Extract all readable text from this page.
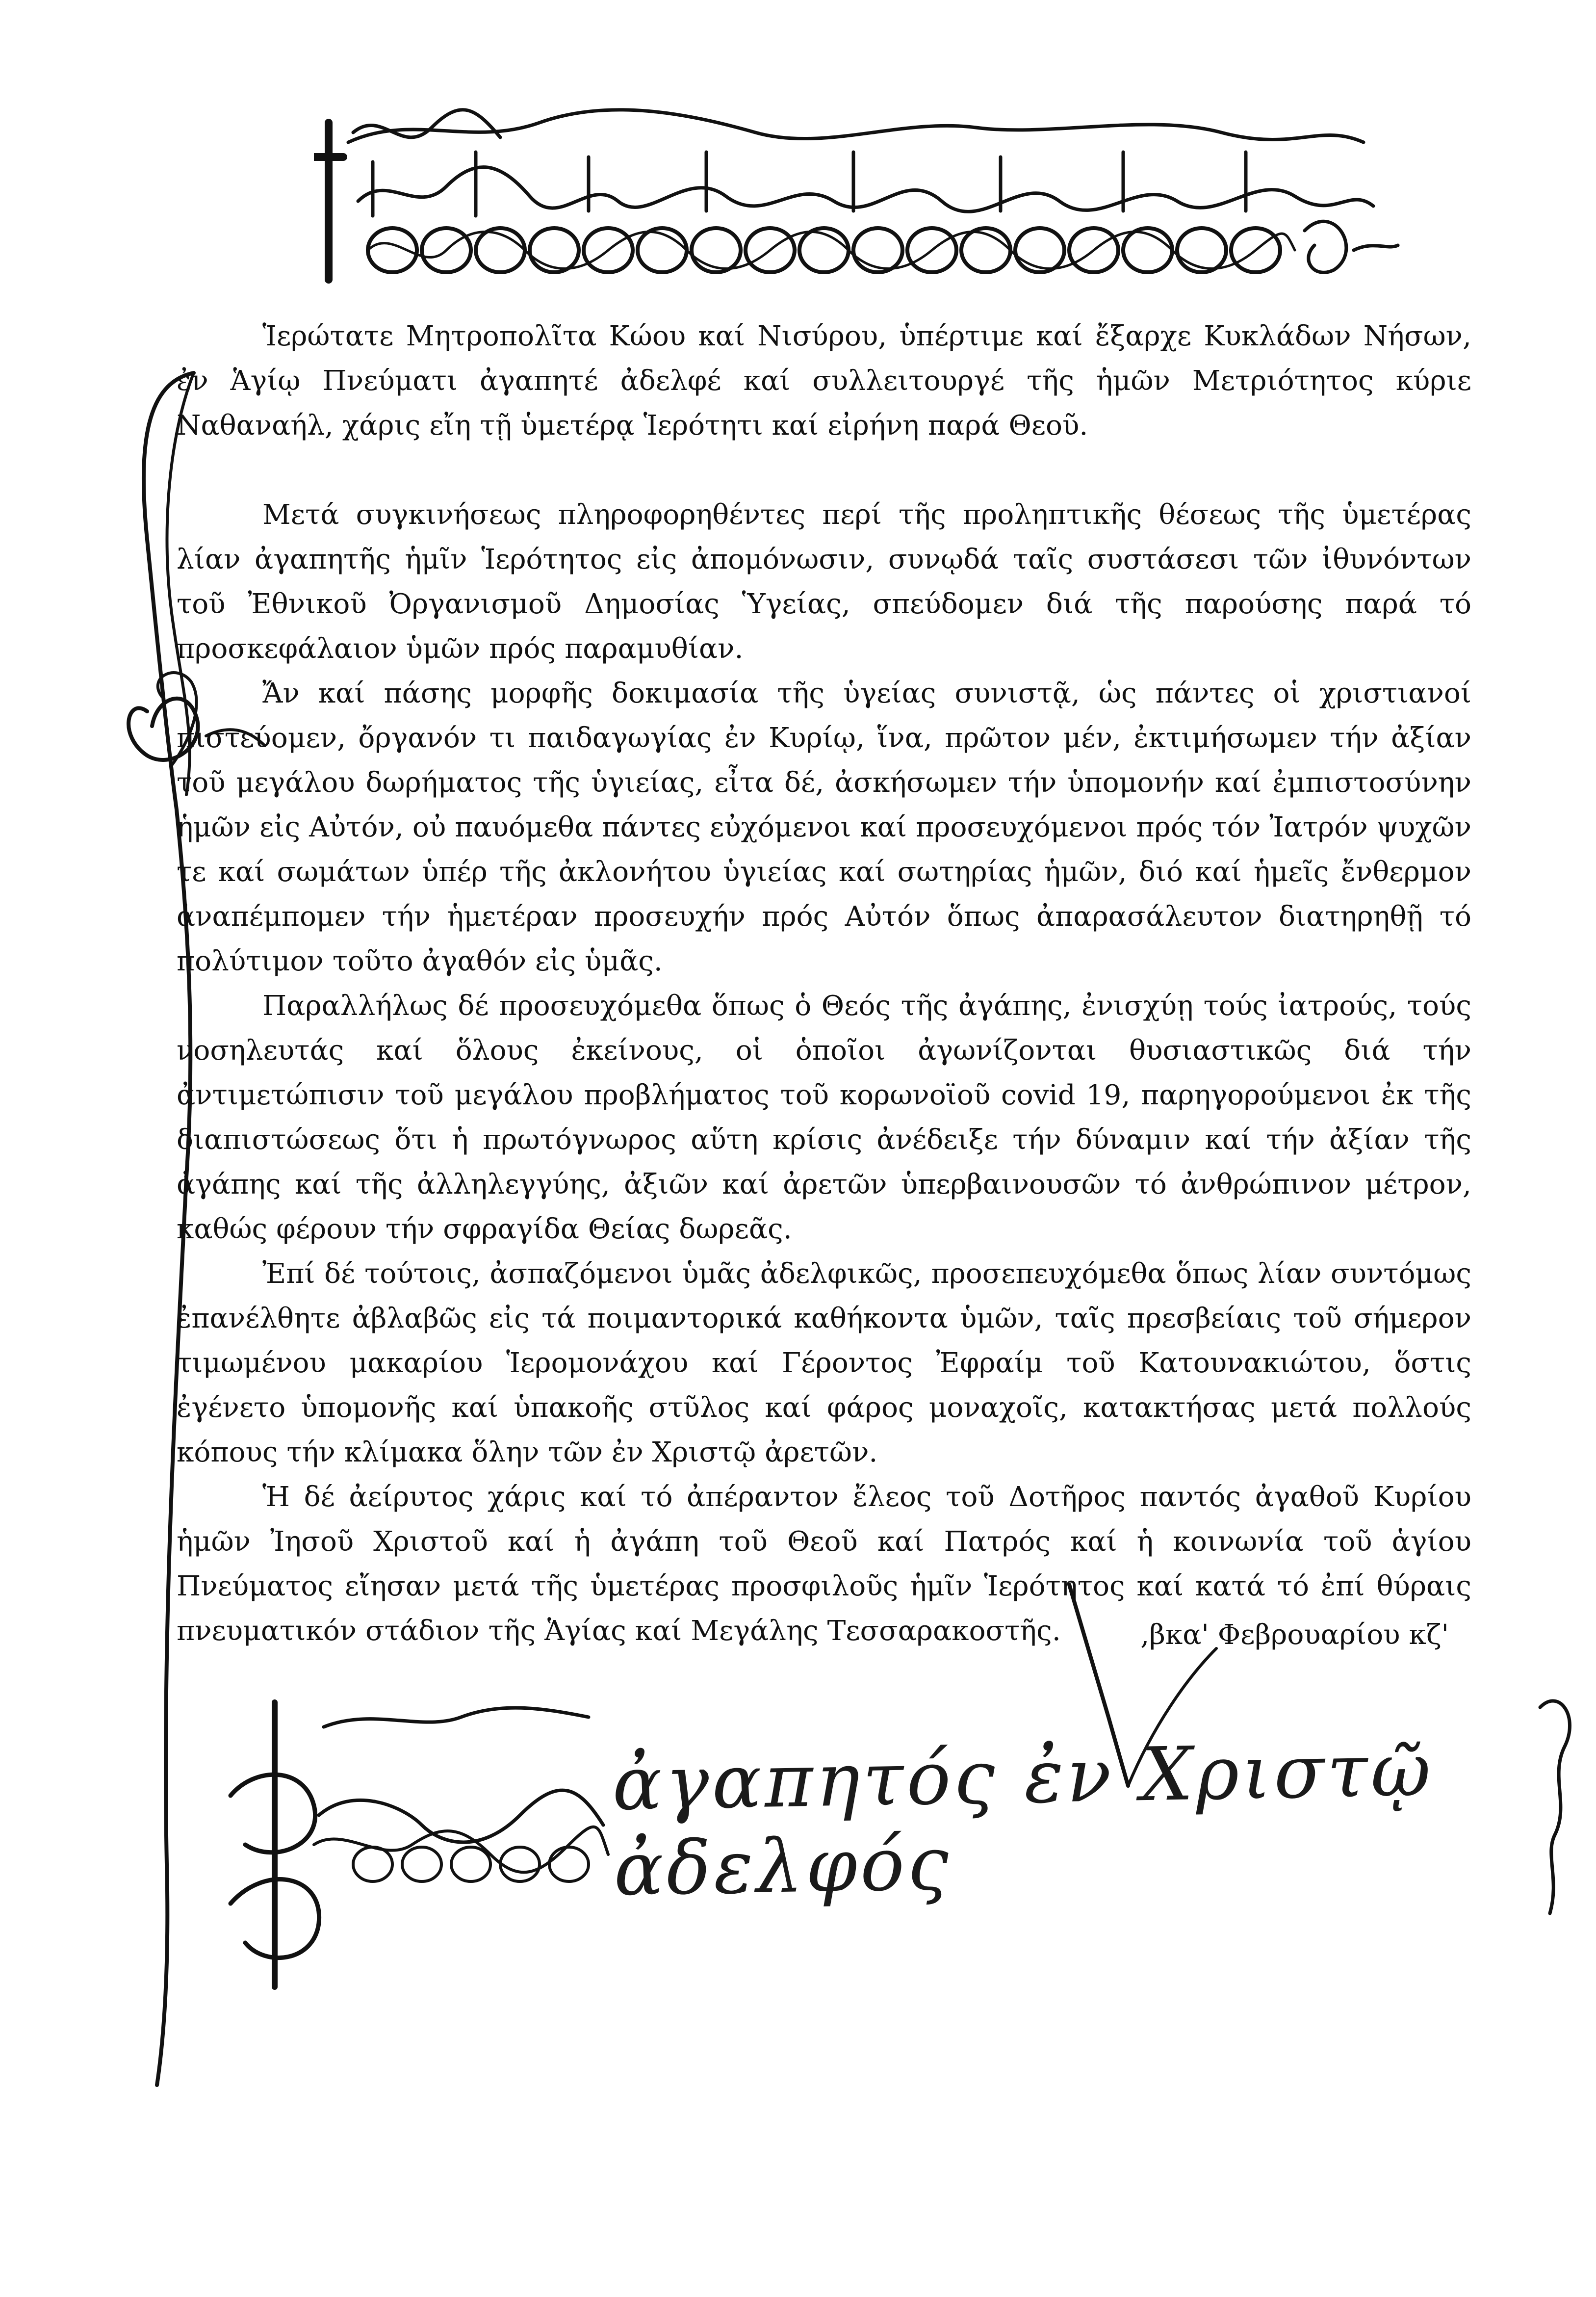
Ἱερώτατε Μητροπολῖτα Κώου καί Νισύρου, ὑπέρτιμε καί ἔξαρχε Κυκλάδων Νήσων, ἐν Ἁγίῳ Πνεύματι ἀγαπητέ ἀδελφέ καί συλλειτουργέ τῆς ἡμῶν Μετριότητος κύριε Ναθαναήλ, χάρις εἴη τῇ ὑμετέρᾳ Ἱερότητι καί εἰρήνη παρά Θεοῦ.

Μετά συγκινήσεως πληροφορηθέντες περί τῆς προληπτικῆς θέσεως τῆς ὑμετέρας λίαν ἀγαπητῆς ἡμῖν Ἱερότητος εἰς ἀπομόνωσιν, συνῳδά ταῖς συστάσεσι τῶν ἰθυνόντων τοῦ Ἐθνικοῦ Ὀργανισμοῦ Δημοσίας Ὑγείας, σπεύδομεν διά τῆς παρούσης παρά τό προσκεφάλαιον ὑμῶν πρός παραμυθίαν.

Ἄν καί πάσης μορφῆς δοκιμασία τῆς ὑγείας συνιστᾷ, ὡς πάντες οἱ χριστιανοί πιστεύομεν, ὄργανόν τι παιδαγωγίας ἐν Κυρίῳ, ἵνα, πρῶτον μέν, ἐκτιμήσωμεν τήν ἀξίαν τοῦ μεγάλου δωρήματος τῆς ὑγιείας, εἶτα δέ, ἀσκήσωμεν τήν ὑπομονήν καί ἐμπιστοσύνην ἡμῶν εἰς Αὐτόν, οὐ παυόμεθα πάντες εὐχόμενοι καί προσευχόμενοι πρός τόν Ἰατρόν ψυχῶν τε καί σωμάτων ὑπέρ τῆς ἀκλονήτου ὑγιείας καί σωτηρίας ἡμῶν, διό καί ἡμεῖς ἔνθερμον ἀναπέμπομεν τήν ἡμετέραν προσευχήν πρός Αὐτόν ὅπως ἀπαρασάλευτον διατηρηθῇ τό πολύτιμον τοῦτο ἀγαθόν εἰς ὑμᾶς.

Παραλλήλως δέ προσευχόμεθα ὅπως ὁ Θεός τῆς ἀγάπης, ἐνισχύῃ τούς ἰατρούς, τούς νοσηλευτάς καί ὅλους ἐκείνους, οἱ ὁποῖοι ἀγωνίζονται θυσιαστικῶς διά τήν ἀντιμετώπισιν τοῦ μεγάλου προβλήματος τοῦ κορωνοϊοῦ covid 19, παρηγορούμενοι ἐκ τῆς διαπιστώσεως ὅτι ἡ πρωτόγνωρος αὕτη κρίσις ἀνέδειξε τήν δύναμιν καί τήν ἀξίαν τῆς ἀγάπης καί τῆς ἀλληλεγγύης, ἀξιῶν καί ἀρετῶν ὑπερβαινουσῶν τό ἀνθρώπινον μέτρον, καθώς φέρουν τήν σφραγίδα Θείας δωρεᾶς.

Ἐπί δέ τούτοις, ἀσπαζόμενοι ὑμᾶς ἀδελφικῶς, προσεπευχόμεθα ὅπως λίαν συντόμως ἐπανέλθητε ἀβλαβῶς εἰς τά ποιμαντορικά καθήκοντα ὑμῶν, ταῖς πρεσβείαις τοῦ σήμερον τιμωμένου μακαρίου Ἱερομονάχου καί Γέροντος Ἐφραίμ τοῦ Κατουνακιώτου, ὅστις ἐγένετο ὑπομονῆς καί ὑπακοῆς στῦλος καί φάρος μοναχοῖς, κατακτήσας μετά πολλούς κόπους τήν κλίμακα ὅλην τῶν ἐν Χριστῷ ἀρετῶν.

Ἡ δέ ἀείρυτος χάρις καί τό ἀπέραντον ἔλεος τοῦ Δοτῆρος παντός ἀγαθοῦ Κυρίου ἡμῶν Ἰησοῦ Χριστοῦ καί ἡ ἀγάπη τοῦ Θεοῦ καί Πατρός καί ἡ κοινωνία τοῦ ἁγίου Πνεύματος εἴησαν μετά τῆς ὑμετέρας προσφιλοῦς ἡμῖν Ἱερότητος καί κατά τό ἐπί θύραις πνευματικόν στάδιον τῆς Ἁγίας καί Μεγάλης Τεσσαρακοστῆς.	,βκα' Φεβρουαρίου κζ'
ἀγαπητός ἐν Χριστῷ ἀδελφός
